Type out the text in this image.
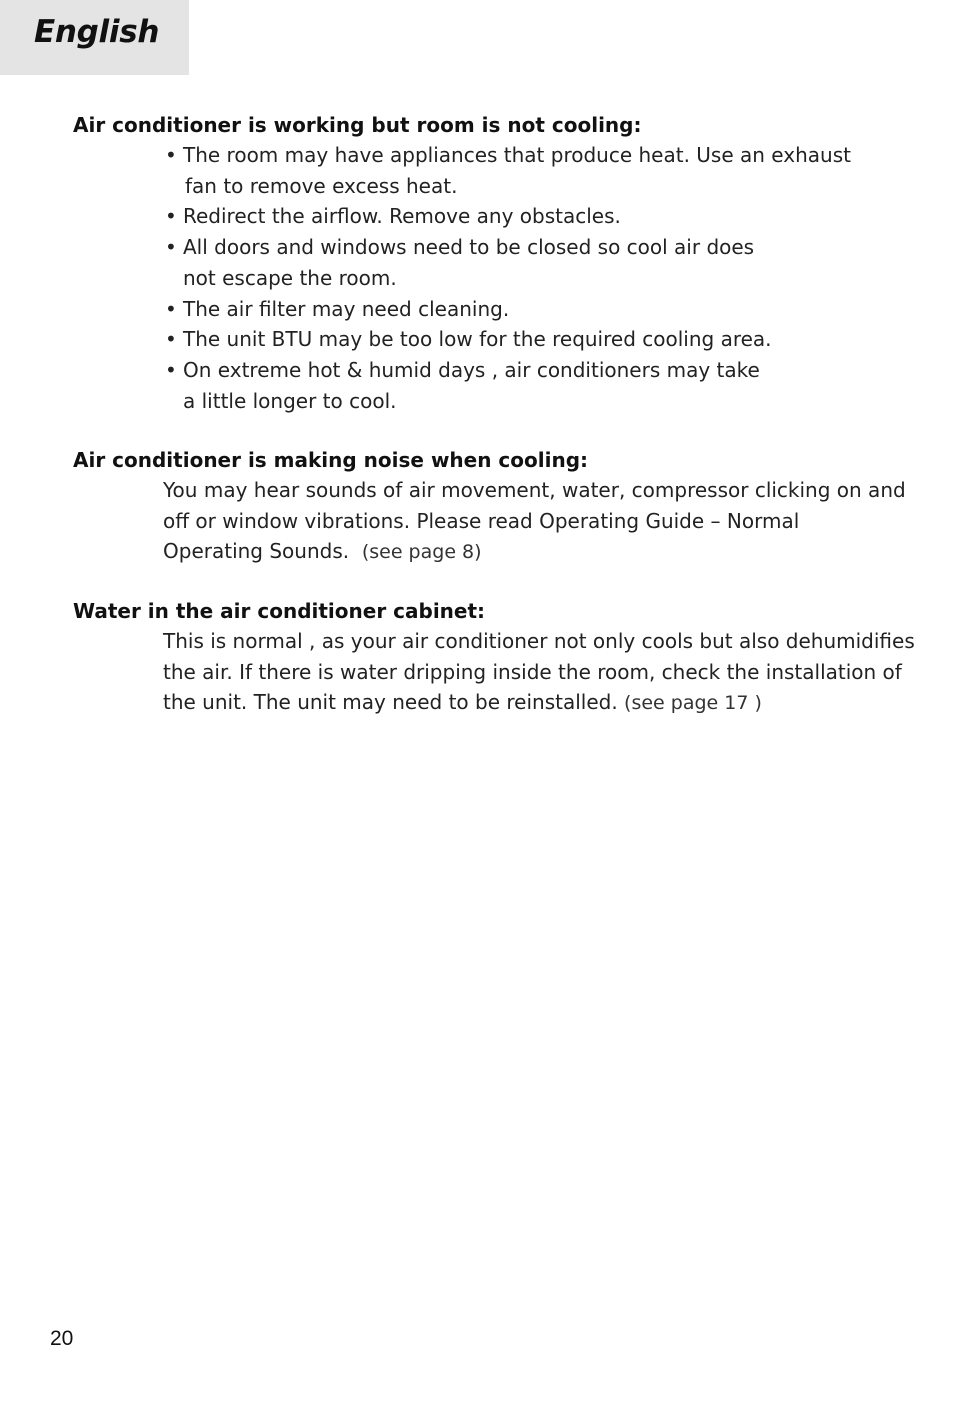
English
Air conditioner is working but room is not cooling:
• The room may have appliances that produce heat. Use an exhaust
fan to remove excess heat.
• Redirect the airflow. Remove any obstacles.
• All doors and windows need to be closed so cool air does
not escape the room.
• The air filter may need cleaning.
• The unit BTU may be too low for the required cooling area.
• On extreme hot & humid days , air conditioners may take
a little longer to cool.
Air conditioner is making noise when cooling:
You may hear sounds of air movement, water, compressor clicking on and
off or window vibrations. Please read Operating Guide – Normal
Operating Sounds. (see page 8)
Water in the air conditioner cabinet:
This is normal , as your air conditioner not only cools but also dehumidifies
the air. If there is water dripping inside the room, check the installation of
the unit. The unit may need to be reinstalled. (see page 17 )
20
